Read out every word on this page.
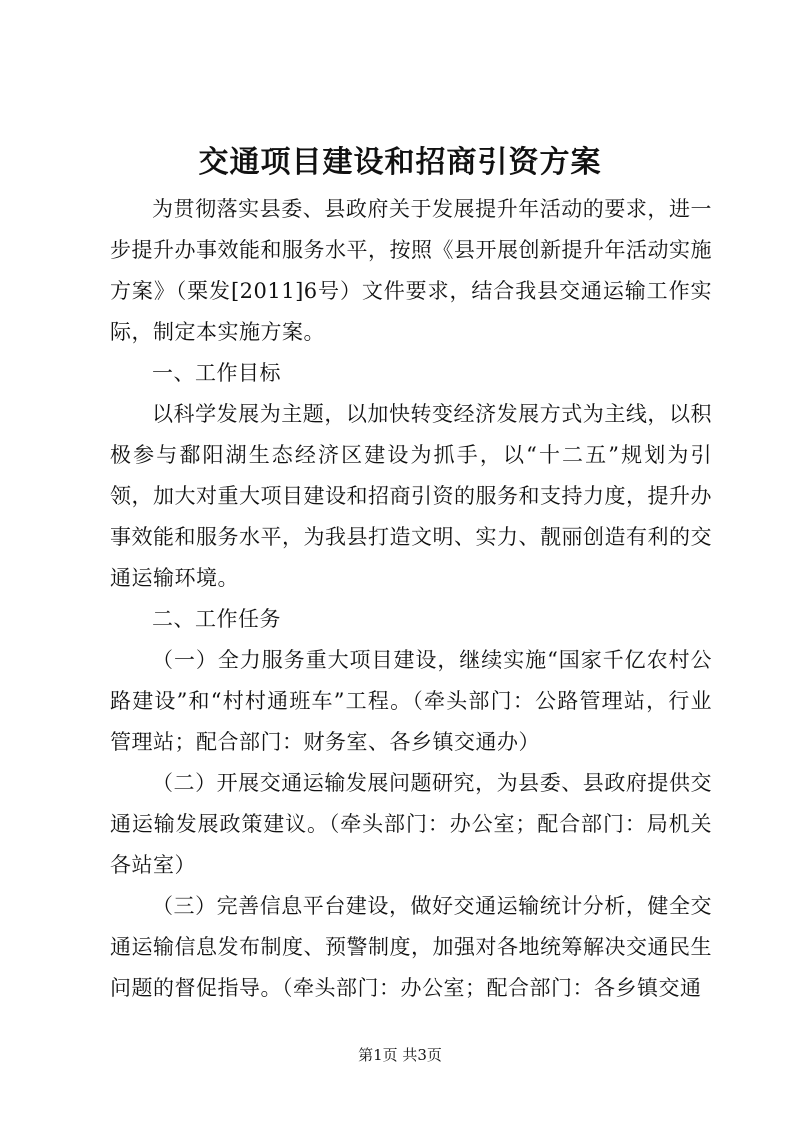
交通项目建设和招商引资方案

为贯彻落实县委、县政府关于发展提升年活动的要求，进一步提升办事效能和服务水平，按照《县开展创新提升年活动实施方案》（栗发[2011]6号）文件要求，结合我县交通运输工作实际，制定本实施方案。

一、工作目标

以科学发展为主题，以加快转变经济发展方式为主线，以积极参与鄱阳湖生态经济区建设为抓手，以“十二五”规划为引领，加大对重大项目建设和招商引资的服务和支持力度，提升办事效能和服务水平，为我县打造文明、实力、靓丽创造有利的交通运输环境。

二、工作任务

（一）全力服务重大项目建设，继续实施“国家千亿农村公路建设”和“村村通班车”工程。（牵头部门：公路管理站，行业管理站；配合部门：财务室、各乡镇交通办）

（二）开展交通运输发展问题研究，为县委、县政府提供交通运输发展政策建议。（牵头部门：办公室；配合部门：局机关各站室）

（三）完善信息平台建设，做好交通运输统计分析，健全交通运输信息发布制度、预警制度，加强对各地统筹解决交通民生问题的督促指导。（牵头部门：办公室；配合部门：各乡镇交通

第1页 共3页
